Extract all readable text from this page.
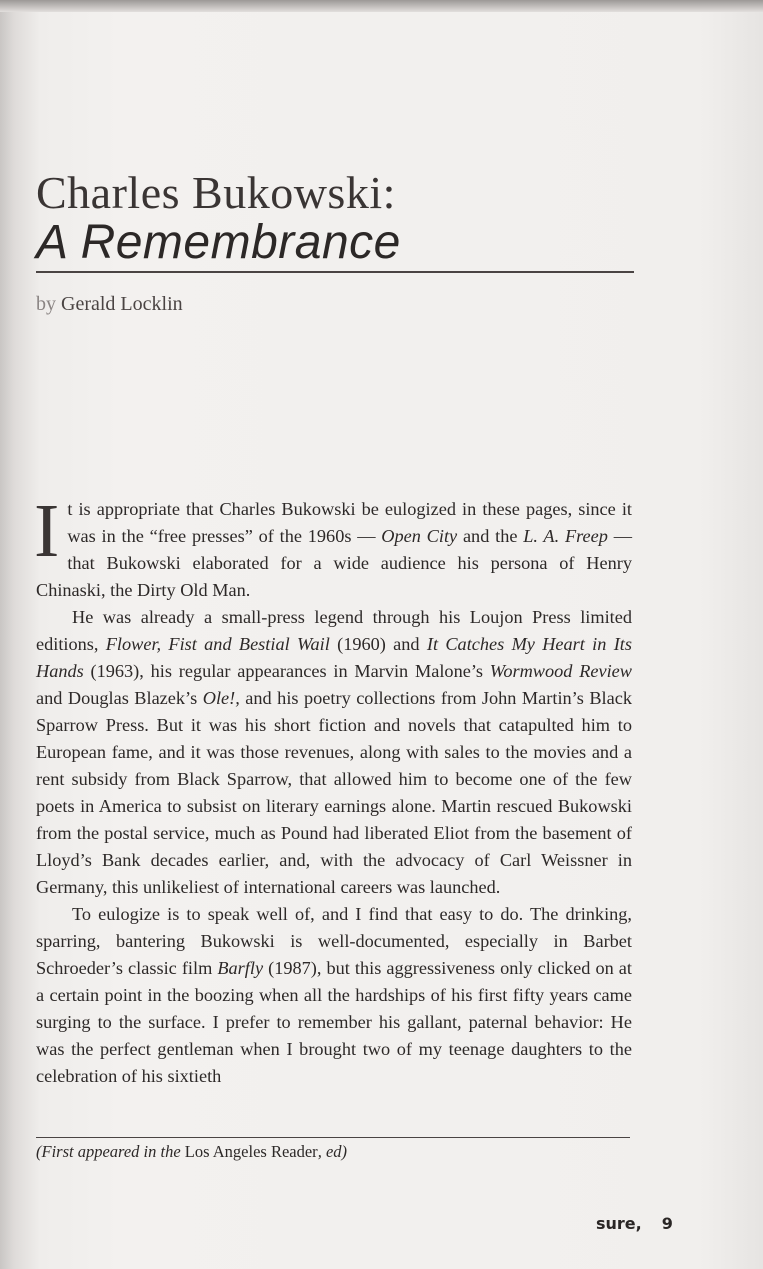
Charles Bukowski:
A Remembrance
by Gerald Locklin

It is appropriate that Charles Bukowski be eulogized in these pages, since it was in the “free presses” of the 1960s — Open City and the L. A. Freep — that Bukowski elaborated for a wide audience his persona of Henry Chinaski, the Dirty Old Man.

He was already a small-press legend through his Loujon Press limited editions, Flower, Fist and Bestial Wail (1960) and It Catches My Heart in Its Hands (1963), his regular appearances in Marvin Malone’s Wormwood Review and Douglas Blazek’s Ole!, and his poetry collections from John Martin’s Black Sparrow Press. But it was his short fiction and novels that catapulted him to European fame, and it was those revenues, along with sales to the movies and a rent subsidy from Black Sparrow, that allowed him to become one of the few poets in America to subsist on literary earnings alone. Martin rescued Bukowski from the postal service, much as Pound had liberated Eliot from the basement of Lloyd’s Bank decades earlier, and, with the advocacy of Carl Weissner in Germany, this unlikeliest of international careers was launched.

To eulogize is to speak well of, and I find that easy to do. The drinking, sparring, bantering Bukowski is well-documented, especially in Barbet Schroeder’s classic film Barfly (1987), but this aggressiveness only clicked on at a certain point in the boozing when all the hardships of his first fifty years came surging to the surface. I prefer to remember his gallant, paternal behavior: He was the perfect gentleman when I brought two of my teenage daughters to the celebration of his sixtieth

(First appeared in the Los Angeles Reader, ed)
sure, 9
